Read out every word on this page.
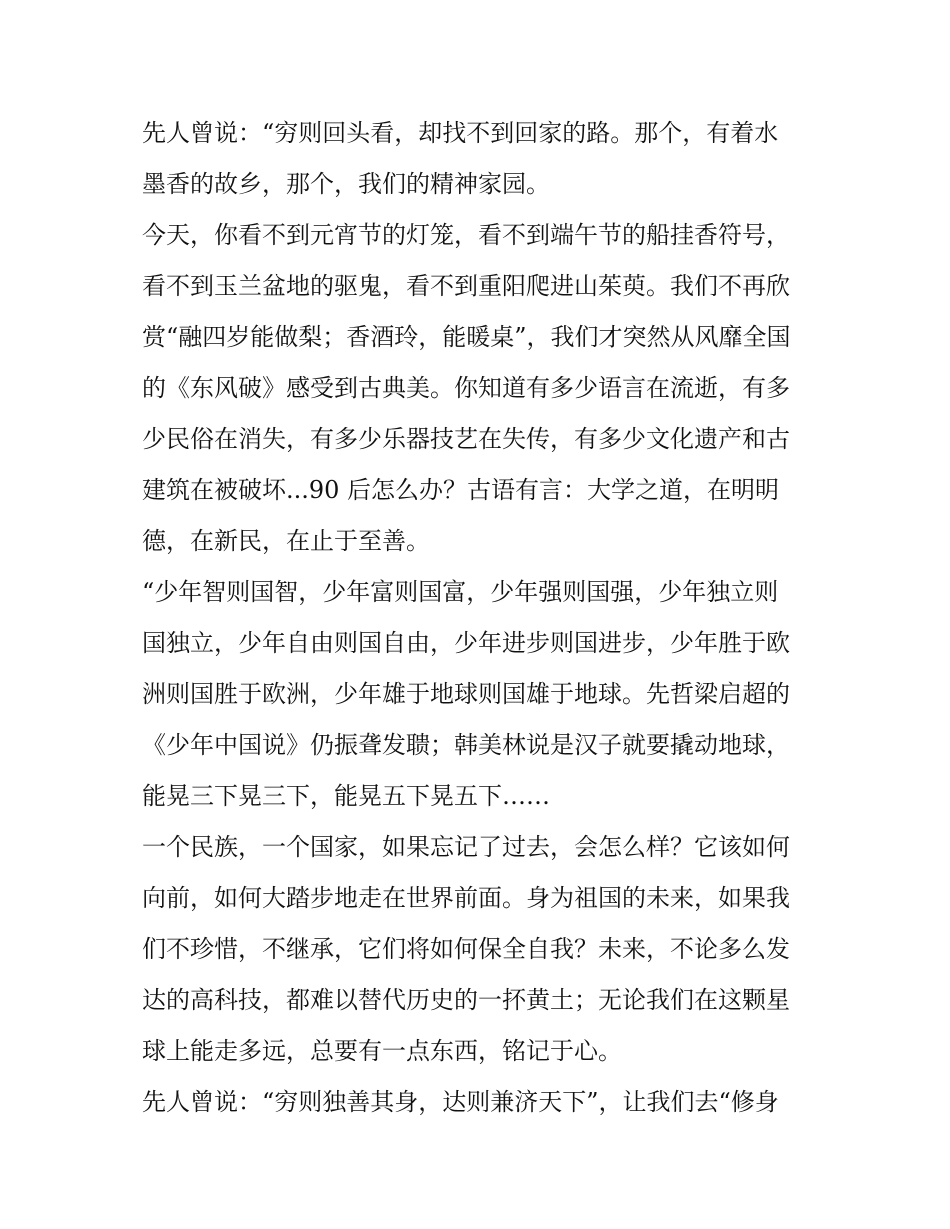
先人曾说：“穷则回头看，却找不到回家的路。那个，有着水
墨香的故乡，那个，我们的精神家园。

今天，你看不到元宵节的灯笼，看不到端午节的船挂香符号，
看不到玉兰盆地的驱鬼，看不到重阳爬进山茱萸。我们不再欣
赏“融四岁能做梨；香酒玲，能暖桌”，我们才突然从风靡全国
的《东风破》感受到古典美。你知道有多少语言在流逝，有多
少民俗在消失，有多少乐器技艺在失传，有多少文化遗产和古
建筑在被破坏...90 后怎么办？古语有言：大学之道，在明明
德，在新民，在止于至善。

“少年智则国智，少年富则国富，少年强则国强，少年独立则
国独立，少年自由则国自由，少年进步则国进步，少年胜于欧
洲则国胜于欧洲，少年雄于地球则国雄于地球。先哲梁启超的
《少年中国说》仍振聋发聩；韩美林说是汉子就要撬动地球，
能晃三下晃三下，能晃五下晃五下……

一个民族，一个国家，如果忘记了过去，会怎么样？它该如何
向前，如何大踏步地走在世界前面。身为祖国的未来，如果我
们不珍惜，不继承，它们将如何保全自我？未来，不论多么发
达的高科技，都难以替代历史的一抔黄土；无论我们在这颗星
球上能走多远，总要有一点东西，铭记于心。

先人曾说：“穷则独善其身，达则兼济天下”，让我们去“修身
